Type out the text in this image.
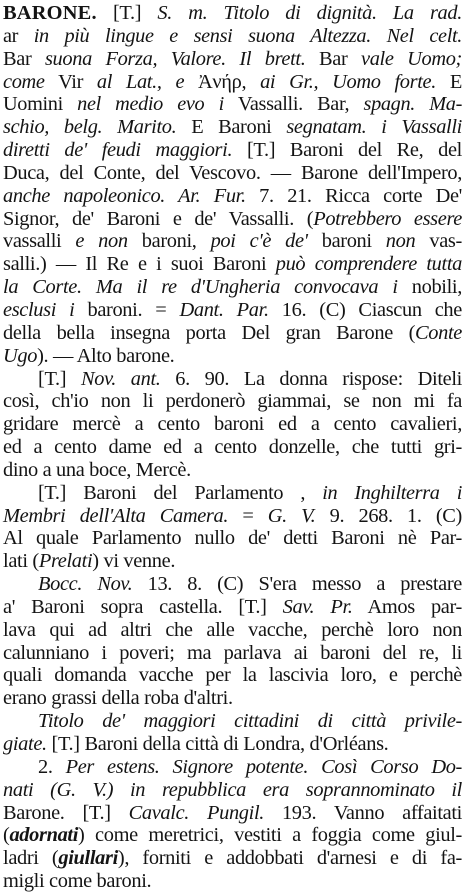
BARONE. [T.] S. m. Titolo di dignità. La rad.
ar in più lingue e sensi suona Altezza. Nel celt.
Bar suona Forza, Valore. Il brett. Bar vale Uomo;
come Vir al Lat., e Ἀνήρ, ai Gr., Uomo forte. E
Uomini nel medio evo i Vassalli. Bar, spagn. Ma-
schio, belg. Marito. E Baroni segnatam. i Vassalli
diretti de' feudi maggiori. [T.] Baroni del Re, del
Duca, del Conte, del Vescovo. — Barone dell'Impero,
anche napoleonico. Ar. Fur. 7. 21. Ricca corte De'
Signor, de' Baroni e de' Vassalli. (Potrebbero essere
vassalli e non baroni, poi c'è de' baroni non vas-
salli.) — Il Re e i suoi Baroni può comprendere tutta
la Corte. Ma il re d'Ungheria convocava i nobili,
esclusi i baroni. = Dant. Par. 16. (C) Ciascun che
della bella insegna porta Del gran Barone (Conte
Ugo). — Alto barone.
[T.] Nov. ant. 6. 90. La donna rispose: Diteli
così, ch'io non li perdonerò giammai, se non mi fa
gridare mercè a cento baroni ed a cento cavalieri,
ed a cento dame ed a cento donzelle, che tutti gri-
dino a una boce, Mercè.
[T.] Baroni del Parlamento , in Inghilterra i
Membri dell'Alta Camera. = G. V. 9. 268. 1. (C)
Al quale Parlamento nullo de' detti Baroni nè Par-
lati (Prelati) vi venne.
Bocc. Nov. 13. 8. (C) S'era messo a prestare
a' Baroni sopra castella. [T.] Sav. Pr. Amos par-
lava qui ad altri che alle vacche, perchè loro non
calunniano i poveri; ma parlava ai baroni del re, li
quali domanda vacche per la lascivia loro, e perchè
erano grassi della roba d'altri.
Titolo de' maggiori cittadini di città privile-
giate. [T.] Baroni della città di Londra, d'Orléans.
2. Per estens. Signore potente. Così Corso Do-
nati (G. V.) in repubblica era soprannominato il
Barone. [T.] Cavalc. Pungil. 193. Vanno affaitati
(adornati) come meretrici, vestiti a foggia come giul-
ladri (giullari), forniti e addobbati d'arnesi e di fa-
migli come baroni.
